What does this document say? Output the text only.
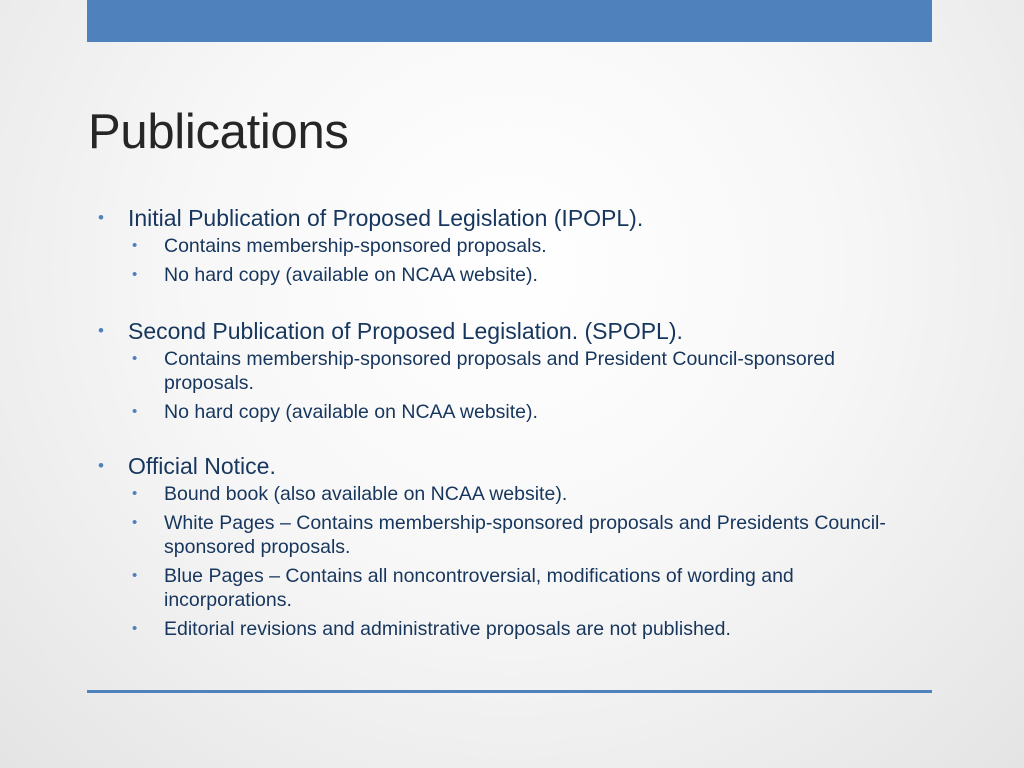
Publications
• Initial Publication of Proposed Legislation (IPOPL).
• Contains membership-sponsored proposals.
• No hard copy (available on NCAA website).
• Second Publication of Proposed Legislation. (SPOPL).
• Contains membership-sponsored proposals and President Council-sponsored proposals.
• No hard copy (available on NCAA website).
• Official Notice.
• Bound book (also available on NCAA website).
• White Pages – Contains membership-sponsored proposals and Presidents Council-sponsored proposals.
• Blue Pages – Contains all noncontroversial, modifications of wording and incorporations.
• Editorial revisions and administrative proposals are not published.
